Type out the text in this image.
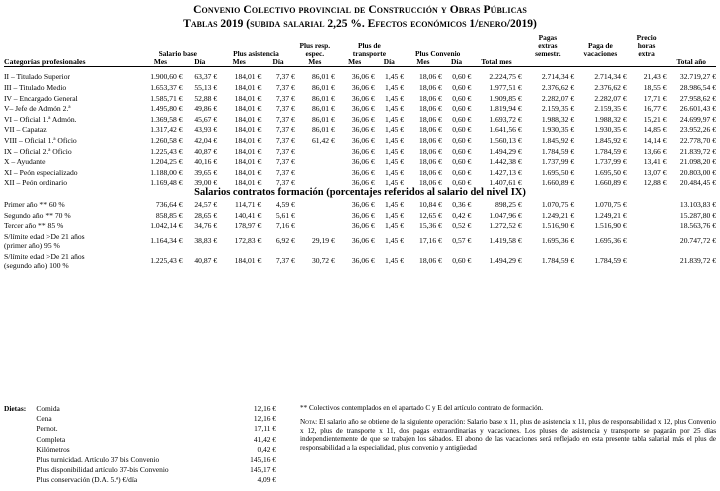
Convenio Colectivo provincial de Construcción y Obras Públicas
Tablas 2019 (subida salarial 2,25 %. Efectos económicos 1/enero/2019)
	Salario base		Plus asistencia		Plus resp.
espec.	Plus de
transporte		Plus Convenio			Pagas
extras
semestr.	Paga de
vacaciones	Precio
horas
extra	
Categorías profesionales	Mes	Día	Mes	Día	Mes	Mes	Día	Mes	Día	Total mes				Total año

II – Titulado Superior	1.900,60 €	63,37 €	184,01 €	7,37 €	86,01 €	36,06 €	1,45 €	18,06 €	0,60 €	2.224,75 €	2.714,34 €	2.714,34 €	21,43 €	32.719,27 €
III – Titulado Medio	1.653,37 €	55,13 €	184,01 €	7,37 €	86,01 €	36,06 €	1,45 €	18,06 €	0,60 €	1.977,51 €	2.376,62 €	2.376,62 €	18,55 €	28.986,54 €
IV – Encargado General	1.585,71 €	52,88 €	184,01 €	7,37 €	86,01 €	36,06 €	1,45 €	18,06 €	0,60 €	1.909,85 €	2.282,07 €	2.282,07 €	17,71 €	27.958,62 €
V– Jefe de Admón 2.ª	1.495,80 €	49,86 €	184,01 €	7,37 €	86,01 €	36,06 €	1,45 €	18,06 €	0,60 €	1.819,94 €	2.159,35 €	2.159,35 €	16,77 €	26.601,43 €
VI – Oficial 1.ª Admón.	1.369,58 €	45,67 €	184,01 €	7,37 €	86,01 €	36,06 €	1,45 €	18,06 €	0,60 €	1.693,72 €	1.988,32 €	1.988,32 €	15,21 €	24.699,97 €
VII – Capataz	1.317,42 €	43,93 €	184,01 €	7,37 €	86,01 €	36,06 €	1,45 €	18,06 €	0,60 €	1.641,56 €	1.930,35 €	1.930,35 €	14,85 €	23.952,26 €
VIII – Oficial 1.ª Oficio	1.260,58 €	42,04 €	184,01 €	7,37 €	61,42 €	36,06 €	1,45 €	18,06 €	0,60 €	1.560,13 €	1.845,92 €	1.845,92 €	14,14 €	22.778,70 €
IX – Oficial 2.ª Oficio	1.225,43 €	40,87 €	184,01 €	7,37 €		36,06 €	1,45 €	18,06 €	0,60 €	1.494,29 €	1.784,59 €	1.784,59 €	13,66 €	21.839,72 €
X – Ayudante	1.204,25 €	40,16 €	184,01 €	7,37 €		36,06 €	1,45 €	18,06 €	0,60 €	1.442,38 €	1.737,99 €	1.737,99 €	13,41 €	21.098,20 €
XI – Peón especializado	1.188,00 €	39,65 €	184,01 €	7,37 €		36,06 €	1,45 €	18,06 €	0,60 €	1.427,13 €	1.695,50 €	1.695,50 €	13,07 €	20.803,00 €
XII – Peón ordinario	1.169,48 €	39,00 €	184,01 €	7,37 €		36,06 €	1,45 €	18,06 €	0,60 €	1.407,61 €	1.660,89 €	1.660,89 €	12,88 €	20.484,45 €
Salarios contratos formación (porcentajes referidos al salario del nivel IX)														
Primer año ** 60 %	736,64 €	24,57 €	114,71 €	4,59 €		36,06 €	1,45 €	10,84 €	0,36 €	898,25 €	1.070,75 €	1.070,75 €		13.103,83 €
Segundo año ** 70 %	858,85 €	28,65 €	140,41 €	5,61 €		36,06 €	1,45 €	12,65 €	0,42 €	1.047,96 €	1.249,21 €	1.249,21 €		15.287,80 €
Tercer año ** 85 %	1.042,14 €	34,76 €	178,97 €	7,16 €		36,06 €	1,45 €	15,36 €	0,52 €	1.272,52 €	1.516,90 €	1.516,90 €		18.563,76 €
S/límite edad >De 21 años	1.164,34 €	38,83 €	172,83 €	6,92 €	29,19 €	36,06 €	1,45 €	17,16 €	0,57 €	1.419,58 €	1.695,36 €	1.695,36 €		20.747,72 €
(primer año) 95 %														
S/límite edad >De 21 años	1.225,43 €	40,87 €	184,01 €	7,37 €	30,72 €	36,06 €	1,45 €	18,06 €	0,60 €	1.494,29 €	1.784,59 €	1.784,59 €		21.839,72 €
(segundo año) 100 %														
Dietas:	Comida	12,16 €
	Cena	12,16 €
	Pernot.	17,11 €
	Completa	41,42 €
	Kilómetros	0,42 €
	Plus turnicidad. Artículo 37 bis Convenio	145,16 €
	Plus disponibilidad artículo 37-bis Convenio	145,17 €
	Plus conservación (D.A. 5.ª) €/día	4,09 €
** Colectivos contemplados en el apartado C y E del artículo contrato de formación.
Nota: El salario año se obtiene de la siguiente operación: Salario base x 11, plus de asistencia x 11, plus de responsabilidad x 12, plus Convenio x 12, plus de transporte x 11, dos pagas extraordinarias y vacaciones. Los pluses de asistencia y transporte se pagarán por 25 días independientemente de que se trabajen los sábados. El abono de las vacaciones será reflejado en esta presente tabla salarial más el plus de responsabilidad a la especialidad, plus convenio y antigüedad
